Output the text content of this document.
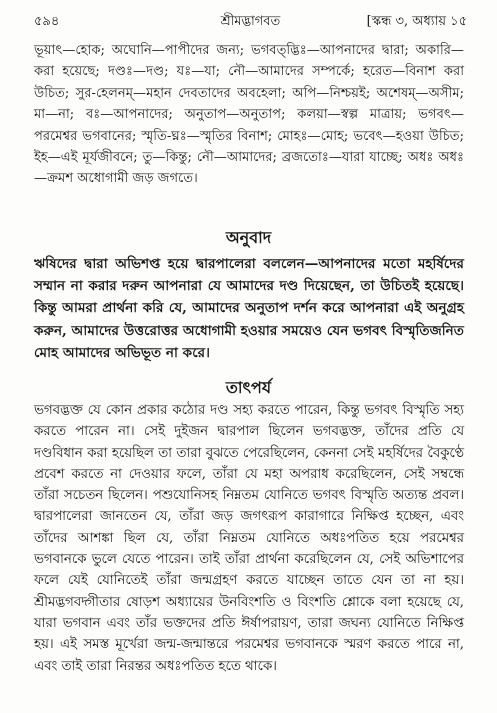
৫৯৪	শ্রীমদ্ভাগবত	[স্কন্ধ ৩, অধ্যায় ১৫

ভূয়াৎ—হোক; অঘোনি—পাপীদের জন্য; ভগবত্‌দ্ভিঃ—আপনাদের দ্বারা; অকারি—করা হয়েছে; দণ্ডঃ—দণ্ড; যঃ—যা; নৌ—আমাদের সম্পর্কে; হরেত—বিনাশ করা উচিত; সুর-হেলনম্—মহান দেবতাদের অবহেলা; অপি—নিশ্চয়ই; অশেষম্—অসীম; মা—না; বঃ—আপনাদের; অনুতাপ—অনুতাপ; কলয়া—স্বল্প মাত্রায়; ভগবৎ—পরমেশ্বর ভগবানের; স্মৃতি-ঘ্নঃ—স্মৃতির বিনাশ; মোহঃ—মোহ; ভবেৎ—হওয়া উচিত; ইহ—এই মূর্যজীবনে; তু—কিন্তু; নৌ—আমাদের; ব্রজতোঃ—যারা যাচ্ছে; অধঃ অধঃ—ক্রমশ অধোগামী জড় জগতে।

অনুবাদ

ঋষিদের দ্বারা অভিশপ্ত হয়ে দ্বারপালেরা বললেন—আপনাদের মতো মহর্ষিদের সম্মান না করার দরুন আপনারা যে আমাদের দণ্ড দিয়েছেন, তা উচিতই হয়েছে। কিন্তু আমরা প্রার্থনা করি যে, আমাদের অনুতাপ দর্শন করে আপনারা এই অনুগ্রহ করুন, আমাদের উত্তরোত্তর অধোগামী হওয়ার সময়েও যেন ভগবৎ বিস্মৃতিজনিত মোহ আমাদের অভিভূত না করে।

তাৎপর্য

ভগবদ্ভক্ত যে কোন প্রকার কঠোর দণ্ড সহ্য করতে পারেন, কিন্তু ভগবৎ বিস্মৃতি সহ্য করতে পারেন না। সেই দুইজন দ্বারপাল ছিলেন ভগবদ্ভক্ত, তাঁদের প্রতি যে দণ্ডবিধান করা হয়েছিল তা তারা বুঝতে পেরেছিলেন, কেননা সেই মহর্ষিদের বৈকুণ্ঠে প্রবেশ করতে না দেওয়ার ফলে, তাঁরা যে মহা অপরাধ করেছিলেন, সেই সম্বন্ধে তাঁরা সচেতন ছিলেন। পশুযোনিসহ নিম্নতম যোনিতে ভগবৎ বিস্মৃতি অত্যন্ত প্রবল। দ্বারপালেরা জানতেন যে, তাঁরা জড় জগৎরূপ কারাগারে নিক্ষিপ্ত হচ্ছেন, এবং তাঁদের আশঙ্কা ছিল যে, তাঁরা নিম্নতম যোনিতে অধঃপতিত হয়ে পরমেশ্বর ভগবানকে ভুলে যেতে পারেন। তাই তাঁরা প্রার্থনা করেছিলেন যে, সেই অভিশাপের ফলে যেই যোনিতেই তাঁরা জন্মগ্রহণ করতে যাচ্ছেন তাতে যেন তা না হয়। শ্রীমদ্ভগবদ্গীতার ষোড়শ অধ্যায়ের উনবিংশতি ও বিংশতি শ্লোকে বলা হয়েছে যে, যারা ভগবান এবং তাঁর ভক্তদের প্রতি ঈর্ষাপরায়ণ, তারা জঘন্য যোনিতে নিক্ষিপ্ত হয়। এই সমস্ত মূর্খেরা জন্ম-জন্মান্তরে পরমেশ্বর ভগবানকে স্মরণ করতে পারে না, এবং তাই তারা নিরন্তর অধঃপতিত হতে থাকে।
